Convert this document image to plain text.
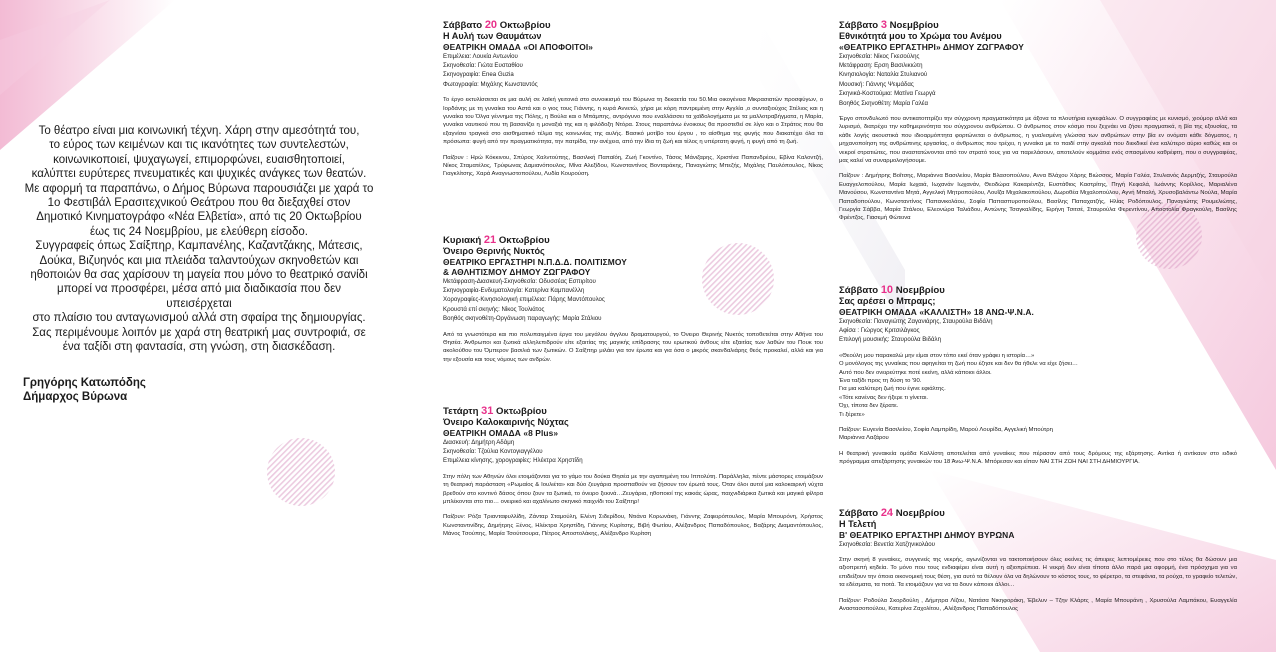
Το θέατρο είναι μια κοινωνική τέχνη. Χάρη στην αμεσότητά του,

το εύρος των κειμένων και τις ικανότητες των συντελεστών,

κοινωνικοποιεί, ψυχαγωγεί, επιμορφώνει, ευαισθητοποιεί,

καλύπτει ευρύτερες πνευματικές και ψυχικές ανάγκες των θεατών.

Με αφορμή τα παραπάνω, ο Δήμος Βύρωνα παρουσιάζει με χαρά το

1ο Φεστιβάλ Ερασιτεχνικού Θεάτρου που θα διεξαχθεί στον

Δημοτικό Κινηματογράφο «Νέα Ελβετία», από τις 20 Οκτωβρίου

έως τις 24 Νοεμβρίου, με ελεύθερη είσοδο.

Συγγραφείς όπως Σαίξπηρ, Καμπανέλης, Καζαντζάκης, Μάτεσις,

Δούκα, Βιζυηνός και μια πλειάδα ταλαντούχων σκηνοθετών και

ηθοποιών θα σας χαρίσουν τη μαγεία που μόνο το θεατρικό σανίδι

μπορεί να προσφέρει, μέσα από μια διαδικασία που δεν υπεισέρχεται

στο πλαίσιο του ανταγωνισμού αλλά στη σφαίρα της δημιουργίας.

Σας περιμένουμε λοιπόν με χαρά στη θεατρική μας συντροφιά, σε

ένα ταξίδι στη φαντασία, στη γνώση, στη διασκέδαση.

Γρηγόρης Κατωπόδης
Δήμαρχος Βύρωνα
Σάββατο 20 Οκτωβρίου
Η Αυλή των Θαυμάτων
ΘΕΑΤΡΙΚΗ ΟΜΑΔΑ «ΟΙ ΑΠΟΦΟΙΤΟΙ»
Επιμέλεια: Λουκία Αντωνίου
Σκηνοθεσία: Γιώτα Ευσταθίου
Σκηνογραφία: Εnea Guzia
Φωτογραφία: Μιχάλης Κωνσταντός
Το έργο εκτυλίσσεται σε μια αυλή σε λαϊκή γειτονιά στο συνοικισμό του Βύρωνα τη δεκαετία του 50.Μια οικογένεια Μικρασιατών προσφύγων, ο Ιορδάνης με τη γυναίκα του Αστά και ο γιος τους Γιάννης, η κυρά Αννετώ, χήρα με κόρη παντρεμένη στην Αγγλία ,ο συνταξιούχος Στέλιος και η γυναίκα του Όλγα γέννημα της Πόλης, η Βούλα και ο Μπάμπης, αντρόγυνο που εναλλάσσει τα χαϊδολογήματα με τα μαλλοτραβήγματα, η Μαρία, γυναίκα ναυτικού που τη βασανίζει η μοναξιά της και η φιλόδοξη Ντόρα. Στους παραπάνω ένοικους θα προστεθεί σε λίγο και ο Στράτος που θα εξαγνίσει τραγικά στο αισθηματικό τέλμα της κοινωνίας της αυλής. Βασικό μοτίβο του έργου , το αίσθημα της φυγής που διακατέχει όλα τα πρόσωπα: φυγή από την πραγματικότητα, την πατρίδα, την ανέχεια, από την ίδια τη ζωή και τέλος η υπέρτατη φυγή, η φυγή από τη ζωή.
Παίζουν : Ηρώ Κόκκινου, Σπύρος Χαλντούπης, Βασιλική Παπαϊόη, Ζωή Γκοντίνο, Τάσος Μάνιζαρης, Χριστίνα Παπανδρέου, Εβίνα Καλοντζή, Νίκος Σταματέλος, Τρύφωνας Δαμιανόπουλος, Μίνα Αλεξίδου, Κωνσταντίνος Βονταράκης, Παναγιώτης Μπεζής, Μιχάλης Παυλόπουλος, Νίκος Γιαγκλίτσης, Χαρά Αναγνωστοπούλου, Λυδία Κουρούση.
Κυριακή 21 Οκτωβρίου
Όνειρο Θερινής Νυκτός
ΘΕΑΤΡΙΚΟ ΕΡΓΑΣΤΗΡΙ Ν.Π.Δ.Δ. ΠΟΛΙΤΙΣΜΟΥ
& ΑΘΛΗΤΙΣΜΟΥ ΔΗΜΟΥ ΖΩΓΡΑΦΟΥ
Μετάφραση-Διασκευή-Σκηνοθεσία: Οδυσσέας Εσπιρίτου
Σκηνογραφία-Ενδυματολογία: Κατερίνα Καμπανέλλη
Χορογραφίες-Κινησιολογική επιμέλεια: Πάρης Μαντόπουλος
Κρουστά επί σκηνής: Νίκος Τουλιάτος
Βοηθός σκηνοθέτη-Οργάνωση παραγωγής: Μαρία Στάλιου
Από τα γνωστότερα και πιο πολυπαιγμένα έργα του μεγάλου άγγλου δραματουργού, το Όνειρο Θερινής Νυκτός τοποθετείται στην Αθήνα του Θησέα. Άνθρωποι και ξωτικά αλληλεπιδρούν είτε εξαιτίας της μαγικής επίδρασης του ερωτικού άνθους είτε εξαιτίας των λαθών του Πουκ του ακολούθου του Όμπερον βασιλιά των ξωτικών. Ο Σαίξπηρ μιλάει για τον έρωτα και για όσα ο μικρός σκανδαλιάρης θεός προκαλεί, αλλά και για την εξουσία και τους νόμους των ανδρών.
Τετάρτη 31 Οκτωβρίου
Όνειρο Καλοκαιρινής Νύχτας
ΘΕΑΤΡΙΚΗ ΟΜΑΔΑ «8 Plus»
Διασκευή: Δημήτρη Αδάμη
Σκηνοθεσία: Τζούλια Κοντογιαγγέλου
Επιμέλεια κίνησης, χορογραφίες: Ηλέκτρα Χρηστίδη
Στην πόλη των Αθηνών όλοι ετοιμάζονται για το γάμο του δούκα Θησέα με την αγαπημένη του Ιππολύτη. Παράλληλα, πέντε μάστορες ετοιμάζουν τη θεατρική παράσταση «Ρωμαίος & Ιουλιέτα» και δύο ζευγάρια προσπαθούν να ζήσουν τον έρωτά τους. Όταν όλοι αυτοί μια καλοκαιρινή νύχτα βρεθούν στο κοντινό δάσος όπου ζουν τα ξωτικά, το όνειρο ξεκινά…Ζευγάρια, ηθοποιοί της κακιάς ώρας, παιχνιδιάρικα ξωτικά και μαγικά φίλτρα μπλέκονται στο πιο… ονειρικό και αχαλίνωτο σκηνικό παιχνίδι του Σαίξπηρ!
Παίζουν: Ρόζα Τριανταφυλλίδη, Ζάνταρ Σταμούλη, Ελένη Σιδερίδου, Ντιάνα Κορωνάκη, Γιάννης Ζαφειρόπουλος, Μαρία Μπουρόνη, Χρήστος Κωνσταντινίδης, Δημήτρης Ξένος, Ηλέκτρα Χρηστίδη, Γιάννης Κυρίτσης, Βιβή Φωτίου, Αλέξανδρος Παπαδόπουλος, Βαζάρης Διαμαντόπουλος, Μάνος Τσούπης, Μαρία Τσούτσουρα, Πέτρος Αποστολάκης, Αλέξανδρο Κυρίτση
Σάββατο 3 Νοεμβρίου
Εθνικότητά μου το Χρώμα του Ανέμου
«ΘΕΑΤΡΙΚΟ ΕΡΓΑΣΤΗΡΙ» ΔΗΜΟΥ ΖΩΓΡΑΦΟΥ
Σκηνοθεσία: Νίκος Γκεσούλης
Μετάφραση: Ερση Βασιλικιώτη
Κινησιολογία: Ναταλία Στυλιανού
Μουσική: Γιάννης Ψειμάδας
Σκηνικά-Κοστούμια: Ματίνα Γεωργά
Βοηθός Σκηνοθέτη: Μαρία Γαλέα
Έργο σπονδυλωτό που αντικατοπτρίζει την σύγχρονη πραγματικότητα με άξονα τα πλουτήρια εγκεφάλων. Ο συγγραφέας με κυνισμό, χιούμορ αλλά και λυρισμό, διατρέχει την καθημερινότητα του σύγχρονου ανθρώπου. Ο άνθρωπος στον κόσμο που ξεχνάει να ζήσει πραγματικά, η βία της εξουσίας, τα κάθε λογής ακουστικά που ιδιοαρμόπτητα φορτώνεται ο άνθρωπος, η γυαλισμένη γλώσσα των ανθρώπων στην βία εν ονόματι κάθε δόγματος, η μηχανοποίηση της ανθρώπινης εργασίας, ο άνθρωπος που τρέχει, η γυναίκα με το παιδί στην αγκαλιά που διεκδικεί ένα καλύτερο αύριο καθώς και οι νεκροί στρατιώτες, που αναστατώνονται από τον στρατό τους για να παρελάσουν, αποτελούν κομμάτια ενός σπασμένου καθρέφτη, που ο συγγραφέας, μας καλεί να συναρμολογήσουμε.
Παίζουν : Δημήτρης Βοΐτσης, Μαριάννα Βασιλείου, Μαρία Βλασοπούλου, Αννα Βλάχου Χάρης Βιώσσος, Μαρία Γαλέα, Στυλιανός Δερμτζής, Σταυρούλα Ευαγγελοπούλου, Μαρία Ιωχαιά, Ιωχανάν Ιωχανάν, Θεοδώρα Κακαρέντζα, Ευστάθιος Καστρίτης, Πηγή Κεφαλά, Ιωάννης Κορίλλος, Μαριαλένα Μανούσου, Κωνσταντίνα Μητά, Αγγελική Μητροπούλου, Λουΐζα Μιχαλακοπούλου, Δωροθέα Μιχαλοπούλου, Αγνή Μπαλή, Χρυσοβαλάντω Νούλα, Μαρία Παπαδοπούλου, Κωνσταντίνος Παπανικολάου, Σοφία Παπασπυροπούλου, Βασίλης Παπαχατζής, Ηλίας Ροδόπουλος, Παναγιώτης Ρουμελιώτης, Γεωργία Σάββα, Μαρία Στάλιου, Ελεονώρα Ταλιάδου, Αντώνης Τσαγκαλίδης, Ειρήνη Τσιτσέ, Σταυρούλα Φερεντίνου, Αποστολία Φραγκούλη, Βασίλης Φρέντζος, Γιασεμή Φώτεινα
Σάββατο 10 Νοεμβρίου
Σας αρέσει ο Μπραμς;
ΘΕΑΤΡΙΚΗ ΟΜΑΔΑ «ΚΑΛΛΙΣΤΗ» 18 ΑΝΩ-Ψ.Ν.Α.
Σκηνοθεσία: Παναγιώτης Ζαγανιάρης, Σταυρούλα Βιδάλη
Αφίσα : Γιώργος Κριτσιλάγκος
Επιλογή μουσικής: Σταυρούλα Βιδάλη
«Θεούλη μου παρακαλώ μην είμαι στον τόπο εκεί όταν γράφει η ιστορία…»
Ο μονόλογος της γυναίκας που αφηγείται τη ζωή που έζησε και δεν θα ήθελε να είχε ζήσει…
Αυτό που δεν ονειρεύτηκε ποτέ εκείνη, αλλά κάποιοι άλλοι.
Ένα ταξίδι προς τη δύση το '90.
Για μια καλύτερη ζωή που έγινε εφιάλτης.
«Τότε κανένας δεν ήξερε τι γίνεται.
Όχι, τίποτα δεν ξέρατε.
Τι ξέρετε»
Παίζουν: Ευγενία Βασιλείου, Σοφία Λαμπρίδη, Μαρού Λουρίδα, Αγγελική Μπούτρη
Μαριάννα Λαζάρου
Η θεατρική γυναικεία ομάδα Καλλίστη αποτελείται από γυναίκες που πέρασαν από τους δρόμους της εξάρτησης. Αντίκα ή αντίκαυν στο ειδικό πρόγραμμα απεξάρτησης γυναικών του 18 Άνω-Ψ.Ν.Α. Μπόρεσαν και είπαν ΝΑΙ ΣΤΗ ΖΩΗ ΝΑΙ ΣΤΗ ΔΗΜΙΟΥΡΓΙΑ.
Σάββατο 24 Νοεμβρίου
Η Τελετή
Β' ΘΕΑΤΡΙΚΟ ΕΡΓΑΣΤΗΡΙ ΔΗΜΟΥ ΒΥΡΩΝΑ
Σκηνοθεσία: Βενετία Χατζηνικολάου
Στην σκηνή 8 γυναίκες, συγγενείς της νεκρής, αγωνίζονται να τακτοποιήσουν όλες εκείνες τις άπειρες λεπτομέρειες που στο τέλος θα δώσουν μια αξιοπρεπή κηδεία. Το μόνο που τους ενδιαφέρει είναι αυτή η αξιοπρέπεια. Η νεκρή δεν είναι τίποτα άλλο παρά μια αφορμή, ένα πρόσχημα για να επιδείξουν την όποια οικονομική τους θέση, για αυτό τα θέλουν όλα να δηλώνουν το κόστος τους, το φέρετρο, τα στεφάνια, τα ρούχα, το γραφείο τελετών, τα εδέσματα, τα ποτά. Τα ετοιμάζουν για να τα δουν κάποιοι άλλοι…
Παίζουν: Ροδούλα Σκορδούλη , Δήμητρα Λίζου, Νατάσα Νικηφοράκη, Έβελυν – Τζην Κλάρτς , Μαρία Μπουράνη , Χρυσούλα Λαμπάκου, Ευαγγελία Αναστασοπούλου, Κατερίνα Ζαχολίτου, ,Αλέξανδρος Παπαδόπουλος
